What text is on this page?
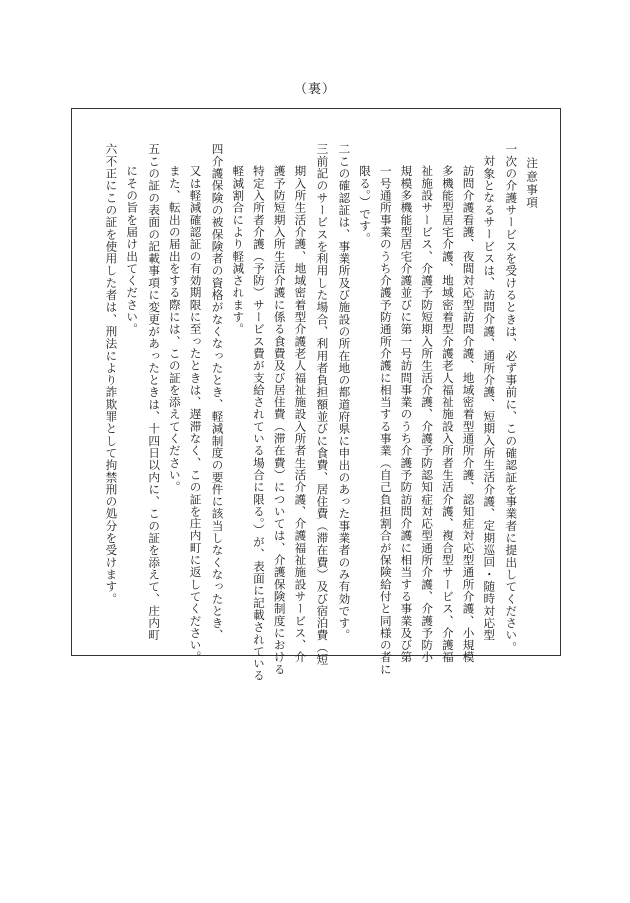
（裏）
注意事項
一次の介護サービスを受けるときは、必ず事前に、この確認証を事業者に提出してください。
対象となるサービスは、訪問介護、通所介護、短期入所生活介護、定期巡回・随時対応型
訪問介護看護、夜間対応型訪問介護、地域密着型通所介護、認知症対応型通所介護、小規模
多機能型居宅介護、地域密着型介護老人福祉施設入所者生活介護、複合型サービス、介護福
祉施設サービス、介護予防短期入所生活介護、介護予防認知症対応型通所介護、介護予防小
規模多機能型居宅介護並びに第一号訪問事業のうち介護予防訪問介護に相当する事業及び第
一号通所事業のうち介護予防通所介護に相当する事業（自己負担割合が保険給付と同様の者に
限る。）です。
二この確認証は、事業所及び施設の所在地の都道府県に申出のあった事業者のみ有効です。
三前記のサービスを利用した場合、利用者負担額並びに食費、居住費（滞在費）及び宿泊費（短
期入所生活介護、地域密着型介護老人福祉施設入所者生活介護、介護福祉施設サービス、介
護予防短期入所生活介護に係る食費及び居住費（滞在費）については、介護保険制度における
特定入所者介護（予防）サービス費が支給されている場合に限る。）が、表面に記載されている
軽減割合により軽減されます。
四介護保険の被保険者の資格がなくなったとき、軽減制度の要件に該当しなくなったとき、
又は軽減確認証の有効期限に至ったときは、遅滞なく、この証を庄内町に返してください。
また、転出の届出をする際には、この証を添えてください。
五この証の表面の記載事項に変更があったときは、十四日以内に、この証を添えて、庄内町
にその旨を届け出てください。
六不正にこの証を使用した者は、刑法により詐欺罪として拘禁刑の処分を受けます。
